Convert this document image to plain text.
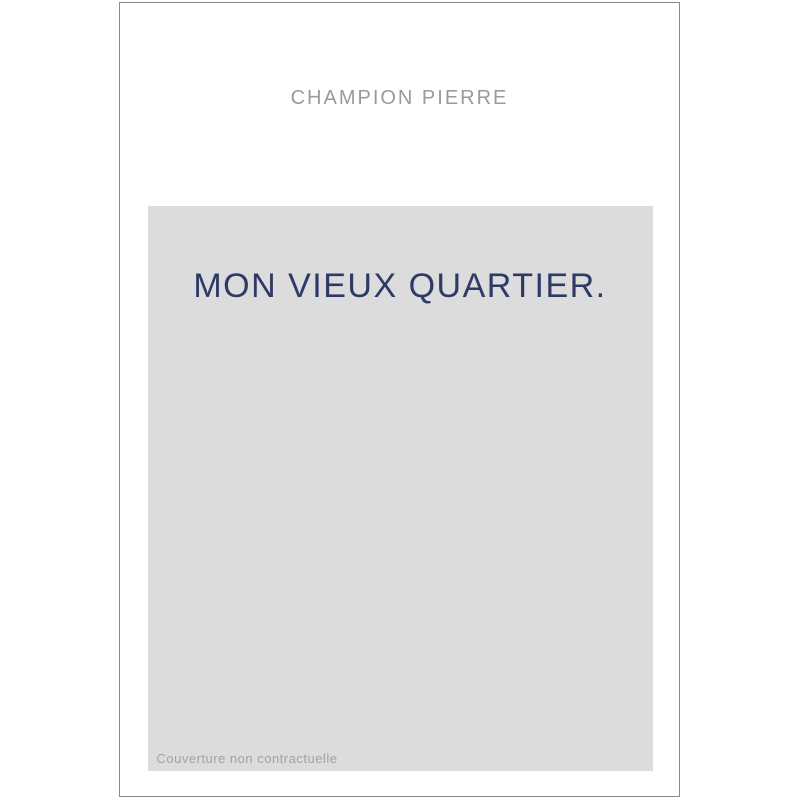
CHAMPION PIERRE
MON VIEUX QUARTIER.
Couverture non contractuelle
